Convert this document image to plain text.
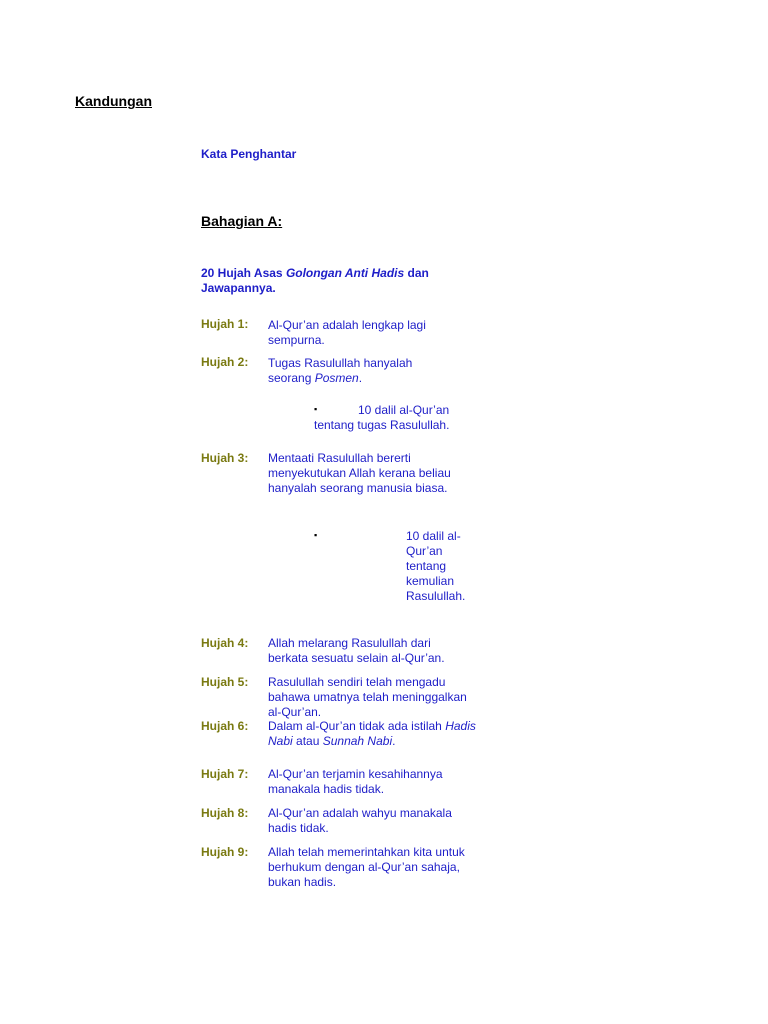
Kandungan
Kata Penghantar
Bahagian A:
20 Hujah Asas Golongan Anti Hadis dan Jawapannya.
Hujah 1: Al-Qur’an adalah lengkap lagi sempurna.
Hujah 2: Tugas Rasulullah hanyalah seorang Posmen.
▪	10 dalil al-Qur’an tentang tugas Rasulullah.
Hujah 3: Mentaati Rasulullah bererti menyekutukan Allah kerana beliau hanyalah seorang manusia biasa.
▪	10 dalil al-Qur’an tentang kemulian Rasulullah.
Hujah 4: Allah melarang Rasulullah dari berkata sesuatu selain al-Qur’an.
Hujah 5: Rasulullah sendiri telah mengadu bahawa umatnya telah meninggalkan al-Qur’an.
Hujah 6: Dalam al-Qur’an tidak ada istilah Hadis Nabi atau Sunnah Nabi.
Hujah 7: Al-Qur’an terjamin kesahihannya manakala hadis tidak.
Hujah 8: Al-Qur’an adalah wahyu manakala hadis tidak.
Hujah 9: Allah telah memerintahkan kita untuk berhukum dengan al-Qur’an sahaja, bukan hadis.
